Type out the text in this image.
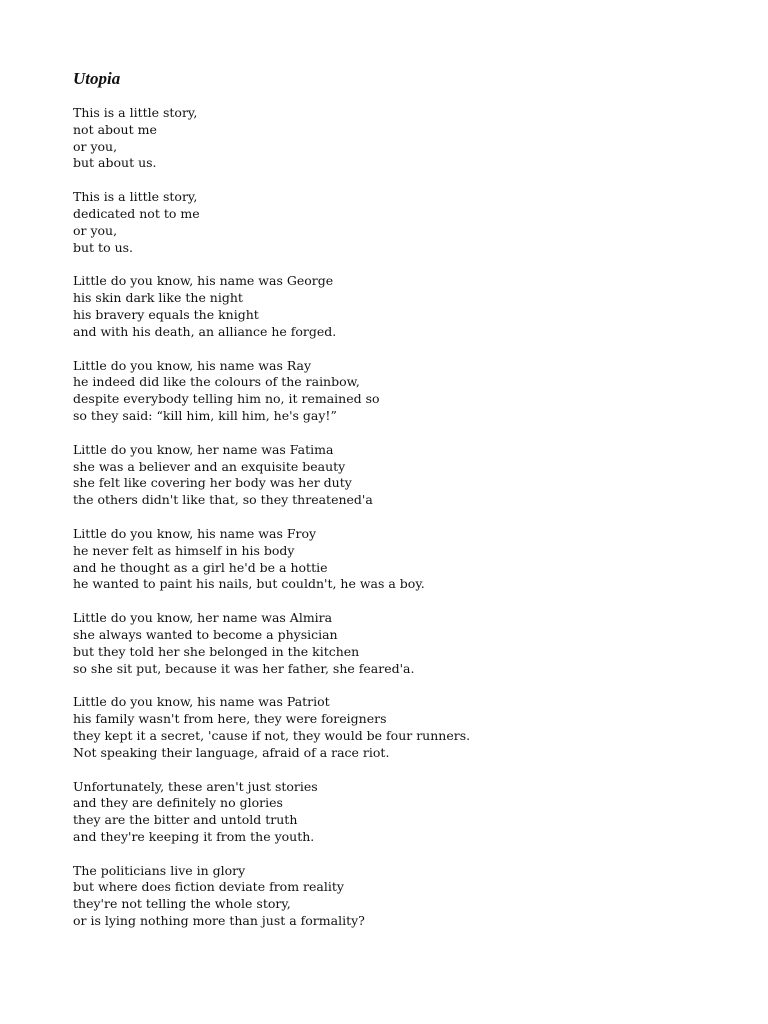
Utopia
This is a little story,
not about me
or you,
but about us.
This is a little story,
dedicated not to me
or you,
but to us.
Little do you know, his name was George
his skin dark like the night
his bravery equals the knight
and with his death, an alliance he forged.
Little do you know, his name was Ray
he indeed did like the colours of the rainbow,
despite everybody telling him no, it remained so
so they said: “kill him, kill him, he's gay!”
Little do you know, her name was Fatima
she was a believer and an exquisite beauty
she felt like covering her body was her duty
the others didn't like that, so they threatened'a
Little do you know, his name was Froy
he never felt as himself in his body
and he thought as a girl he'd be a hottie
he wanted to paint his nails, but couldn't, he was a boy.
Little do you know, her name was Almira
she always wanted to become a physician
but they told her she belonged in the kitchen
so she sit put, because it was her father, she feared'a.
Little do you know, his name was Patriot
his family wasn't from here, they were foreigners
they kept it a secret, 'cause if not, they would be four runners.
Not speaking their language, afraid of a race riot.
Unfortunately, these aren't just stories
and they are definitely no glories
they are the bitter and untold truth
and they're keeping it from the youth.
The politicians live in glory
but where does fiction deviate from reality
they're not telling the whole story,
or is lying nothing more than just a formality?
